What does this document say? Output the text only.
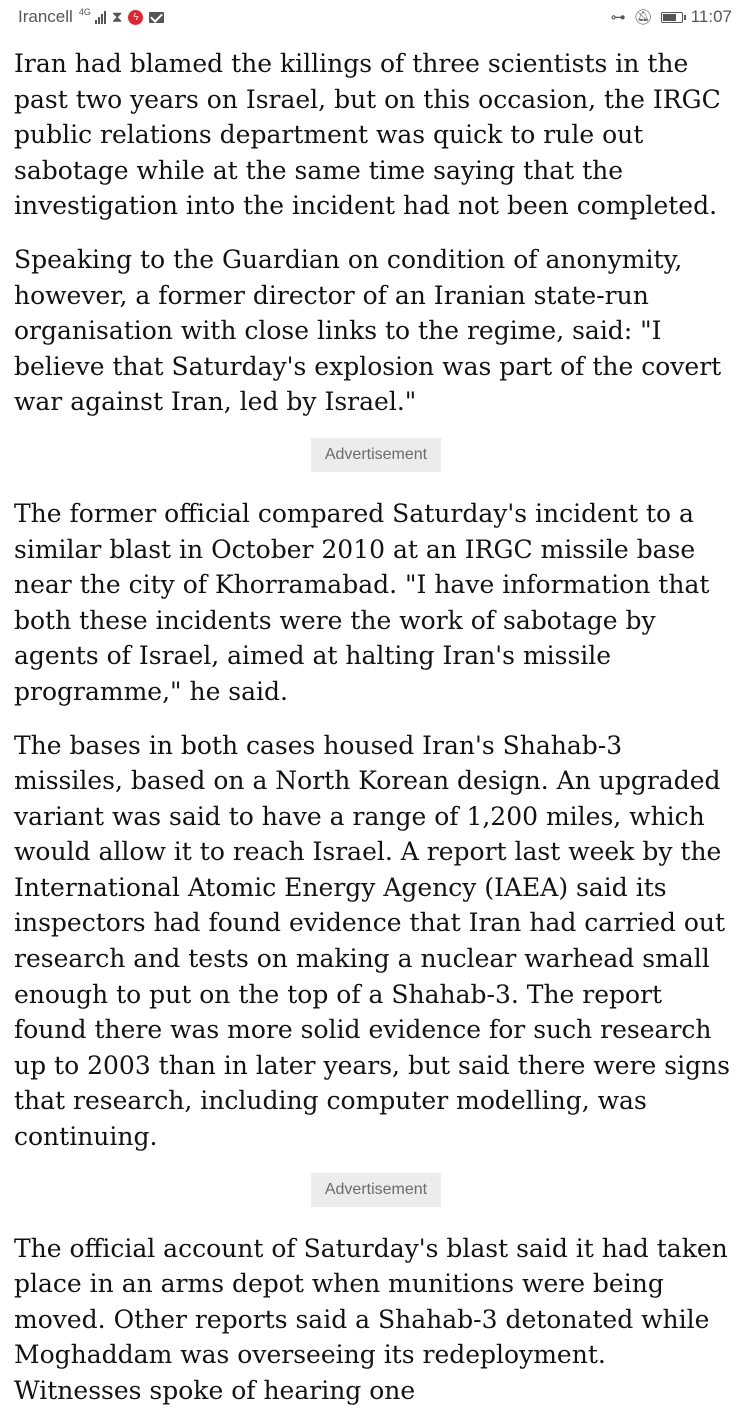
Irancell 4G ⧗	ϟ	⊶ 🔕︎ 11:07

Iran had blamed the killings of three scientists in the past two years on Israel, but on this occasion, the IRGC public relations department was quick to rule out sabotage while at the same time saying that the investigation into the incident had not been completed.

Speaking to the Guardian on condition of anonymity, however, a former director of an Iranian state-run organisation with close links to the regime, said: "I believe that Saturday's explosion was part of the covert war against Iran, led by Israel."

Advertisement

The former official compared Saturday's incident to a similar blast in October 2010 at an IRGC missile base near the city of Khorramabad. "I have information that both these incidents were the work of sabotage by agents of Israel, aimed at halting Iran's missile programme," he said.

The bases in both cases housed Iran's Shahab-3 missiles, based on a North Korean design. An upgraded variant was said to have a range of 1,200 miles, which would allow it to reach Israel. A report last week by the International Atomic Energy Agency (IAEA) said its inspectors had found evidence that Iran had carried out research and tests on making a nuclear warhead small enough to put on the top of a Shahab-3. The report found there was more solid evidence for such research up to 2003 than in later years, but said there were signs that research, including computer modelling, was continuing.

Advertisement

The official account of Saturday's blast said it had taken place in an arms depot when munitions were being moved. Other reports said a Shahab-3 detonated while Moghaddam was overseeing its redeployment. Witnesses spoke of hearing one
